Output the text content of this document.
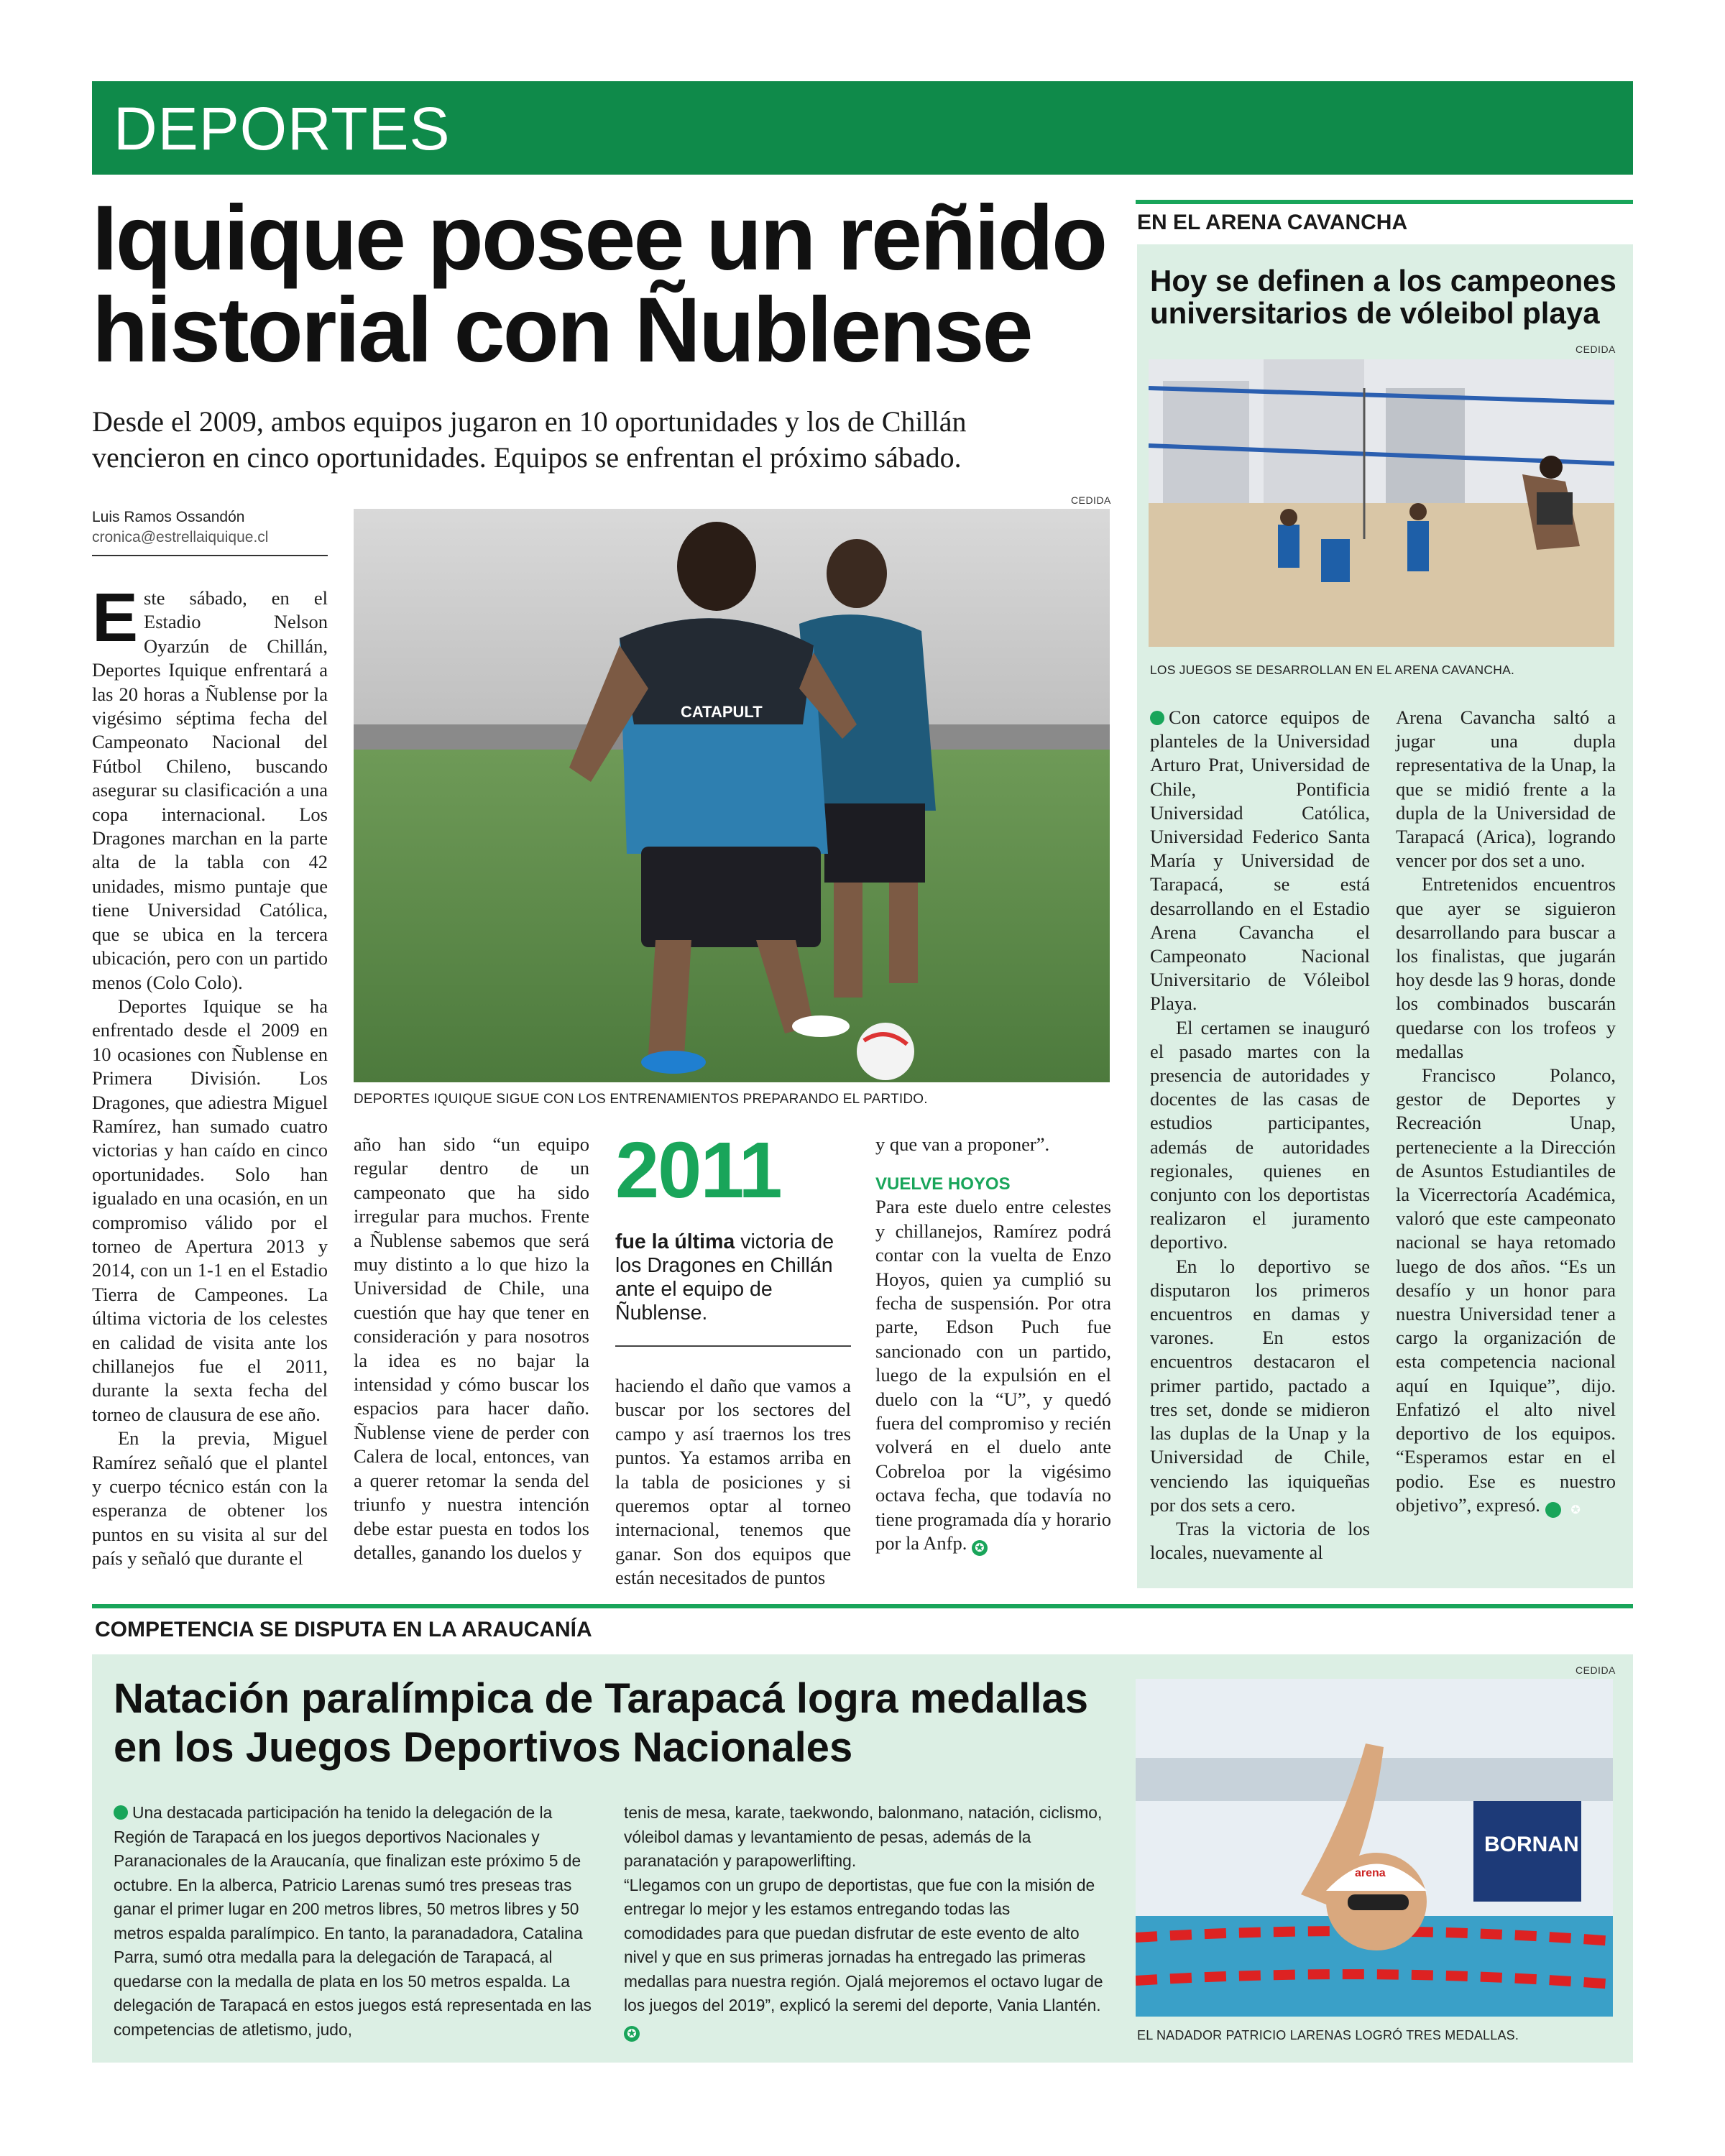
DEPORTES
Iquique posee un reñido
historial con Ñublense
Desde el 2009, ambos equipos jugaron en 10 oportunidades y los de Chillán
vencieron en cinco oportunidades. Equipos se enfrentan el próximo sábado.
Luis Ramos Ossandón
cronica@estrellaiquique.cl
CEDIDA
CATAPULT
DEPORTES IQUIQUE SIGUE CON LOS ENTRENAMIENTOS PREPARANDO EL PARTIDO.

Este sábado, en el Estadio Nelson Oyarzún de Chillán, Deportes Iquique enfrentará a las 20 horas a Ñublense por la vigésimo séptima fecha del Campeonato Nacional del Fútbol Chileno, buscando asegurar su clasificación a una copa internacional. Los Dragones marchan en la parte alta de la tabla con 42 unidades, mismo puntaje que tiene Universidad Católica, que se ubica en la tercera ubicación, pero con un partido menos (Colo Colo).

Deportes Iquique se ha enfrentado desde el 2009 en 10 ocasiones con Ñublense en Primera División. Los Dragones, que adiestra Miguel Ramírez, han sumado cuatro victorias y han caído en cinco oportunidades. Solo han igualado en una ocasión, en un compromiso válido por el torneo de Apertura 2013 y 2014, con un 1-1 en el Estadio Tierra de Campeones. La última victoria de los celestes en calidad de visita ante los chillanejos fue el 2011, durante la sexta fecha del torneo de clausura de ese año.

En la previa, Miguel Ramírez señaló que el plantel y cuerpo técnico están con la esperanza de obtener los puntos en su visita al sur del país y señaló que durante el

año han sido “un equipo regular dentro de un campeonato que ha sido irregular para muchos. Frente a Ñublense sabemos que será muy distinto a lo que hizo la Universidad de Chile, una cuestión que hay que tener en consideración y para nosotros la idea es no bajar la intensidad y cómo buscar los espacios para hacer daño. Ñublense viene de perder con Calera de local, entonces, van a querer retomar la senda del triunfo y nuestra intención debe estar puesta en todos los detalles, ganando los duelos y

2011
fue la última victoria de los Dragones en Chillán ante el equipo de Ñublense.

haciendo el daño que vamos a buscar por los sectores del campo y así traernos los tres puntos. Ya estamos arriba en la tabla de posiciones y si queremos optar al torneo internacional, tenemos que ganar. Son dos equipos que están necesitados de puntos

y que van a proponer”.

VUELVE HOYOS

Para este duelo entre celestes y chillanejos, Ramírez podrá contar con la vuelta de Enzo Hoyos, quien ya cumplió su fecha de suspensión. Por otra parte, Edson Puch fue sancionado con un partido, luego de la expulsión en el duelo con la “U”, y quedó fuera del compromiso y recién volverá en el duelo ante Cobreloa por la vigésimo octava fecha, que todavía no tiene programada día y horario por la Anfp. ✪

EN EL ARENA CAVANCHA
Hoy se definen a los campeones
universitarios de vóleibol playa
CEDIDA
LOS JUEGOS SE DESARROLLAN EN EL ARENA CAVANCHA.

Con catorce equipos de planteles de la Universidad Arturo Prat, Universidad de Chile, Pontificia Universidad Católica, Universidad Federico Santa María y Universidad de Tarapacá, se está desarrollando en el Estadio Arena Cavancha el Campeonato Nacional Universitario de Vóleibol Playa.

El certamen se inauguró el pasado martes con la presencia de autoridades y docentes de las casas de estudios participantes, además de autoridades regionales, quienes en conjunto con los deportistas realizaron el juramento deportivo.

En lo deportivo se disputaron los primeros encuentros en damas y varones. En estos encuentros destacaron el primer partido, pactado a tres set, donde se midieron las duplas de la Unap y la Universidad de Chile, venciendo las iquiqueñas por dos sets a cero.

Tras la victoria de los locales, nuevamente al

Arena Cavancha saltó a jugar una dupla representativa de la Unap, la que se midió frente a la dupla de la Universidad de Tarapacá (Arica), logrando vencer por dos set a uno.

Entretenidos encuentros que ayer se siguieron desarrollando para buscar a los finalistas, que jugarán hoy desde las 9 horas, donde los combinados buscarán quedarse con los trofeos y medallas

Francisco Polanco, gestor de Deportes y Recreación Unap, perteneciente a la Dirección de Asuntos Estudiantiles de la Vicerrectoría Académica, valoró que este campeonato nacional se haya retomado luego de dos años. “Es un desafío y un honor para nuestra Universidad tener a cargo la organización de esta competencia nacional aquí en Iquique”, dijo. Enfatizó el alto nivel deportivo de los equipos. “Esperamos estar en el podio. Ese es nuestro objetivo”, expresó.	✪

COMPETENCIA SE DISPUTA EN LA ARAUCANÍA
Natación paralímpica de Tarapacá logra medallas
en los Juegos Deportivos Nacionales

Una destacada participación ha tenido la delegación de la Región de Tarapacá en los juegos deportivos Nacionales y Paranacionales de la Araucanía, que finalizan este próximo 5 de octubre. En la alberca, Patricio Larenas sumó tres preseas tras ganar el primer lugar en 200 metros libres, 50 metros libres y 50 metros espalda paralímpico. En tanto, la paranadadora, Catalina Parra, sumó otra medalla para la delegación de Tarapacá, al quedarse con la medalla de plata en los 50 metros espalda. La delegación de Tarapacá en estos juegos está representada en las competencias de atletismo, judo,

tenis de mesa, karate, taekwondo, balonmano, natación, ciclismo, vóleibol damas y levantamiento de pesas, además de la paranatación y parapowerlifting.

“Llegamos con un grupo de deportistas, que fue con la misión de entregar lo mejor y les estamos entregando todas las comodidades para que puedan disfrutar de este evento de alto nivel y que en sus primeras jornadas ha entregado las primeras medallas para nuestra región. Ojalá mejoremos el octavo lugar de los juegos del 2019”, explicó la seremi del deporte, Vania Llantén. ✪

CEDIDA
BORNAN
arena
EL NADADOR PATRICIO LARENAS LOGRÓ TRES MEDALLAS.
